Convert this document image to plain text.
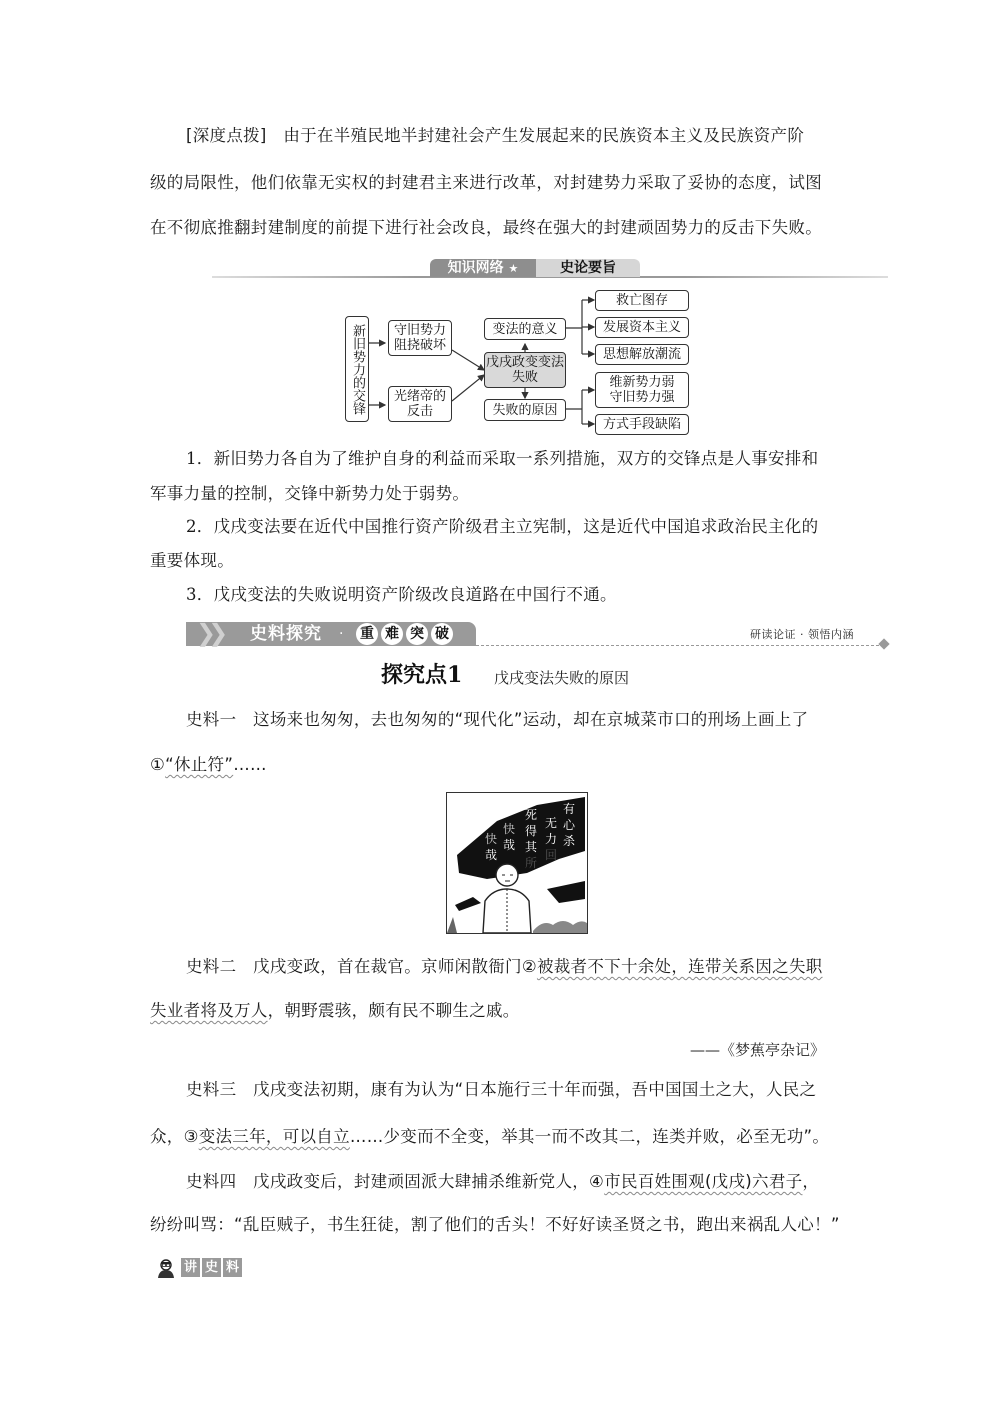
[深度点拨] 由于在半殖民地半封建社会产生发展起来的民族资本主义及民族资产阶
级的局限性，他们依靠无实权的封建君主来进行改革，对封建势力采取了妥协的态度，试图
在不彻底推翻封建制度的前提下进行社会改良，最终在强大的封建顽固势力的反击下失败。
知识网络 ★	史论要旨
新旧势力的交锋	守旧势力阻挠破坏
光绪帝的反击
戊戌政变变法失败
变法的意义
失败的原因
救亡图存
发展资本主义
思想解放潮流
维新势力弱守旧势力强
方式手段缺陷
1．新旧势力各自为了维护自身的利益而采取一系列措施，双方的交锋点是人事安排和
军事力量的控制，交锋中新势力处于弱势。
2．戊戌变法要在近代中国推行资产阶级君主立宪制，这是近代中国追求政治民主化的
重要体现。
3．戊戌变法的失败说明资产阶级改良道路在中国行不通。
❯❯ 史料探究 · 重 难 突 破	研读论证 · 领悟内涵
探究点1 戊戌变法失败的原因
史料一 这场来也匆匆，去也匆匆的“现代化”运动，却在京城菜市口的刑场上画上了
①“休止符”……
有
心
杀
无
力
回
死
得
其
所
快
哉
快
哉
史料二 戊戌变政，首在裁官。京师闲散衙门②被裁者不下十余处，连带关系因之失职
失业者将及万人，朝野震骇，颇有民不聊生之戚。
——《梦蕉亭杂记》
史料三 戊戌变法初期，康有为认为“日本施行三十年而强，吾中国国土之大，人民之
众，③变法三年，可以自立……少变而不全变，举其一而不改其二，连类并败，必至无功”。
史料四 戊戌政变后，封建顽固派大肆捕杀维新党人，④市民百姓围观(戊戌)六君子，
纷纷叫骂：“乱臣贼子，书生狂徒，割了他们的舌头！不好好读圣贤之书，跑出来祸乱人心！”
讲 史 料
